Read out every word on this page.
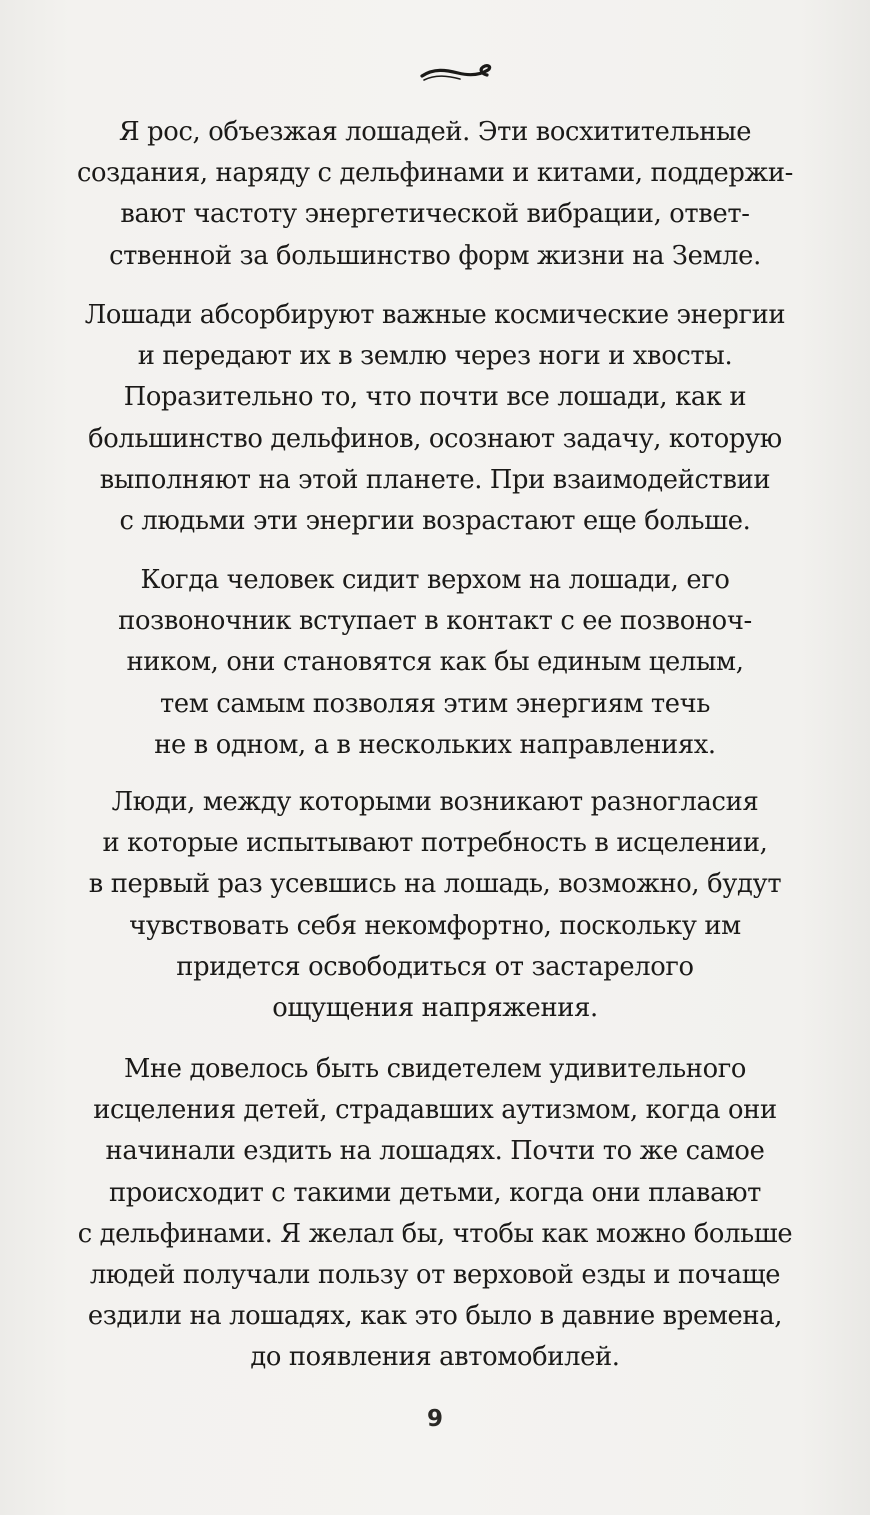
Я рос, объезжая лошадей. Эти восхитительные
создания, наряду с дельфинами и китами, поддержи-
вают частоту энергетической вибрации, ответ-
ственной за большинство форм жизни на Земле.

Лошади абсорбируют важные космические энергии
и передают их в землю через ноги и хвосты.
Поразительно то, что почти все лошади, как и
большинство дельфинов, осознают задачу, которую
выполняют на этой планете. При взаимодействии
с людьми эти энергии возрастают еще больше.

Когда человек сидит верхом на лошади, его
позвоночник вступает в контакт с ее позвоноч-
ником, они становятся как бы единым целым,
тем самым позволяя этим энергиям течь
не в одном, а в нескольких направлениях.

Люди, между которыми возникают разногласия
и которые испытывают потребность в исцелении,
в первый раз усевшись на лошадь, возможно, будут
чувствовать себя некомфортно, поскольку им
придется освободиться от застарелого
ощущения напряжения.

Мне довелось быть свидетелем удивительного
исцеления детей, страдавших аутизмом, когда они
начинали ездить на лошадях. Почти то же самое
происходит с такими детьми, когда они плавают
с дельфинами. Я желал бы, чтобы как можно больше
людей получали пользу от верховой езды и почаще
ездили на лошадях, как это было в давние времена,
до появления автомобилей.

9
